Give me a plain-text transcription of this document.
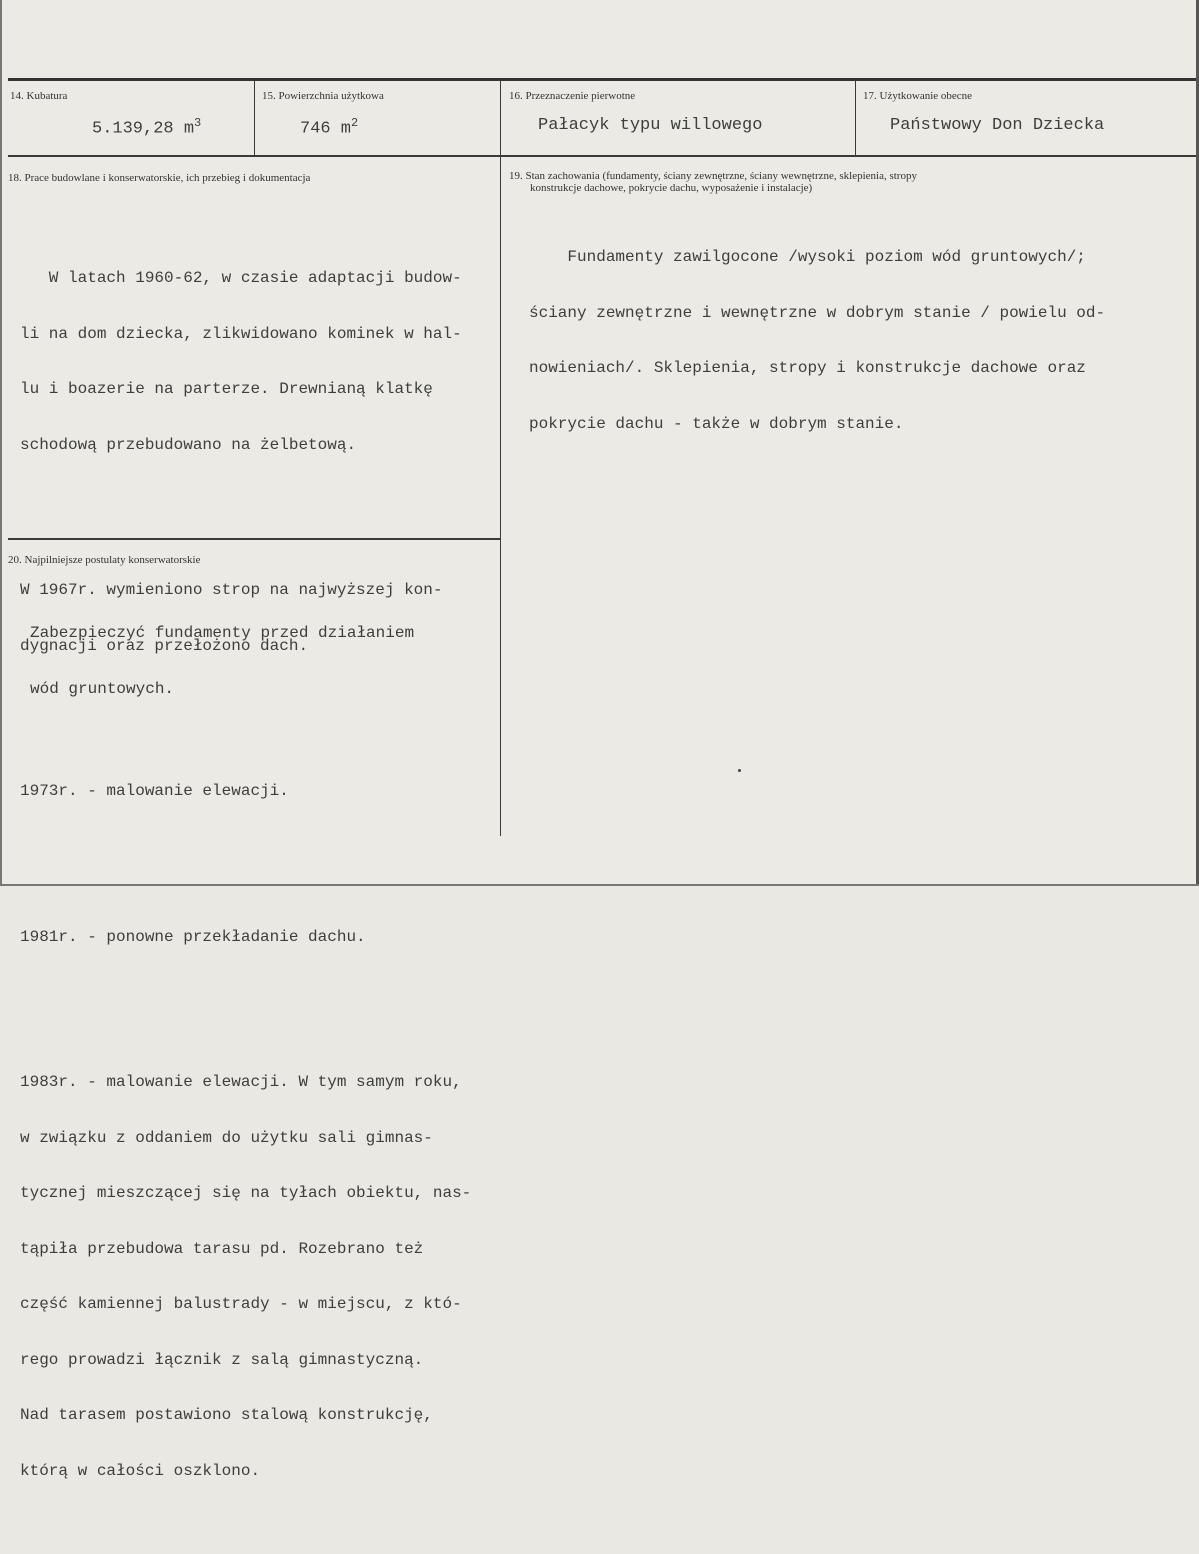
14. Kubatura
5.139,28 $m^3$
15. Powierzchnia użytkowa
746 $m^2$
16. Przeznaczenie pierwotne
Pałacyk typu willowego
17. Użytkowanie obecne
Państwowy Don Dziecka
18. Prace budowlane i konserwatorskie, ich przebieg i dokumentacja

W latach 1960-62, w czasie adaptacji budow-

li na dom dziecka, zlikwidowano kominek w hal-

lu i boazerie na parterze. Drewnianą klatkę

schodową przebudowano na żelbetową.

W 1967r. wymieniono strop na najwyższej kon-

dygnacji oraz przełożono dach.

1973r. - malowanie elewacji.

1981r. - ponowne przekładanie dachu.

1983r. - malowanie elewacji. W tym samym roku,

w związku z oddaniem do użytku sali gimnas-

tycznej mieszczącej się na tyłach obiektu, nas-

tąpiła przebudowa tarasu pd. Rozebrano też

część kamiennej balustrady - w miejscu, z któ-

rego prowadzi łącznik z salą gimnastyczną.

Nad tarasem postawiono stalową konstrukcję,

którą w całości oszklono.

20. Najpilniejsze postulaty konserwatorskie

Zabezpieczyć fundamenty przed działaniem

wód gruntowych.

19. Stan zachowania (fundamenty, ściany zewnętrzne, ściany wewnętrzne, sklepienia, stropy
konstrukcje dachowe, pokrycie dachu, wyposażenie i instalacje)

Fundamenty zawilgocone /wysoki poziom wód gruntowych/;

ściany zewnętrzne i wewnętrzne w dobrym stanie / powielu od-

nowieniach/. Sklepienia, stropy i konstrukcje dachowe oraz

pokrycie dachu - także w dobrym stanie.
